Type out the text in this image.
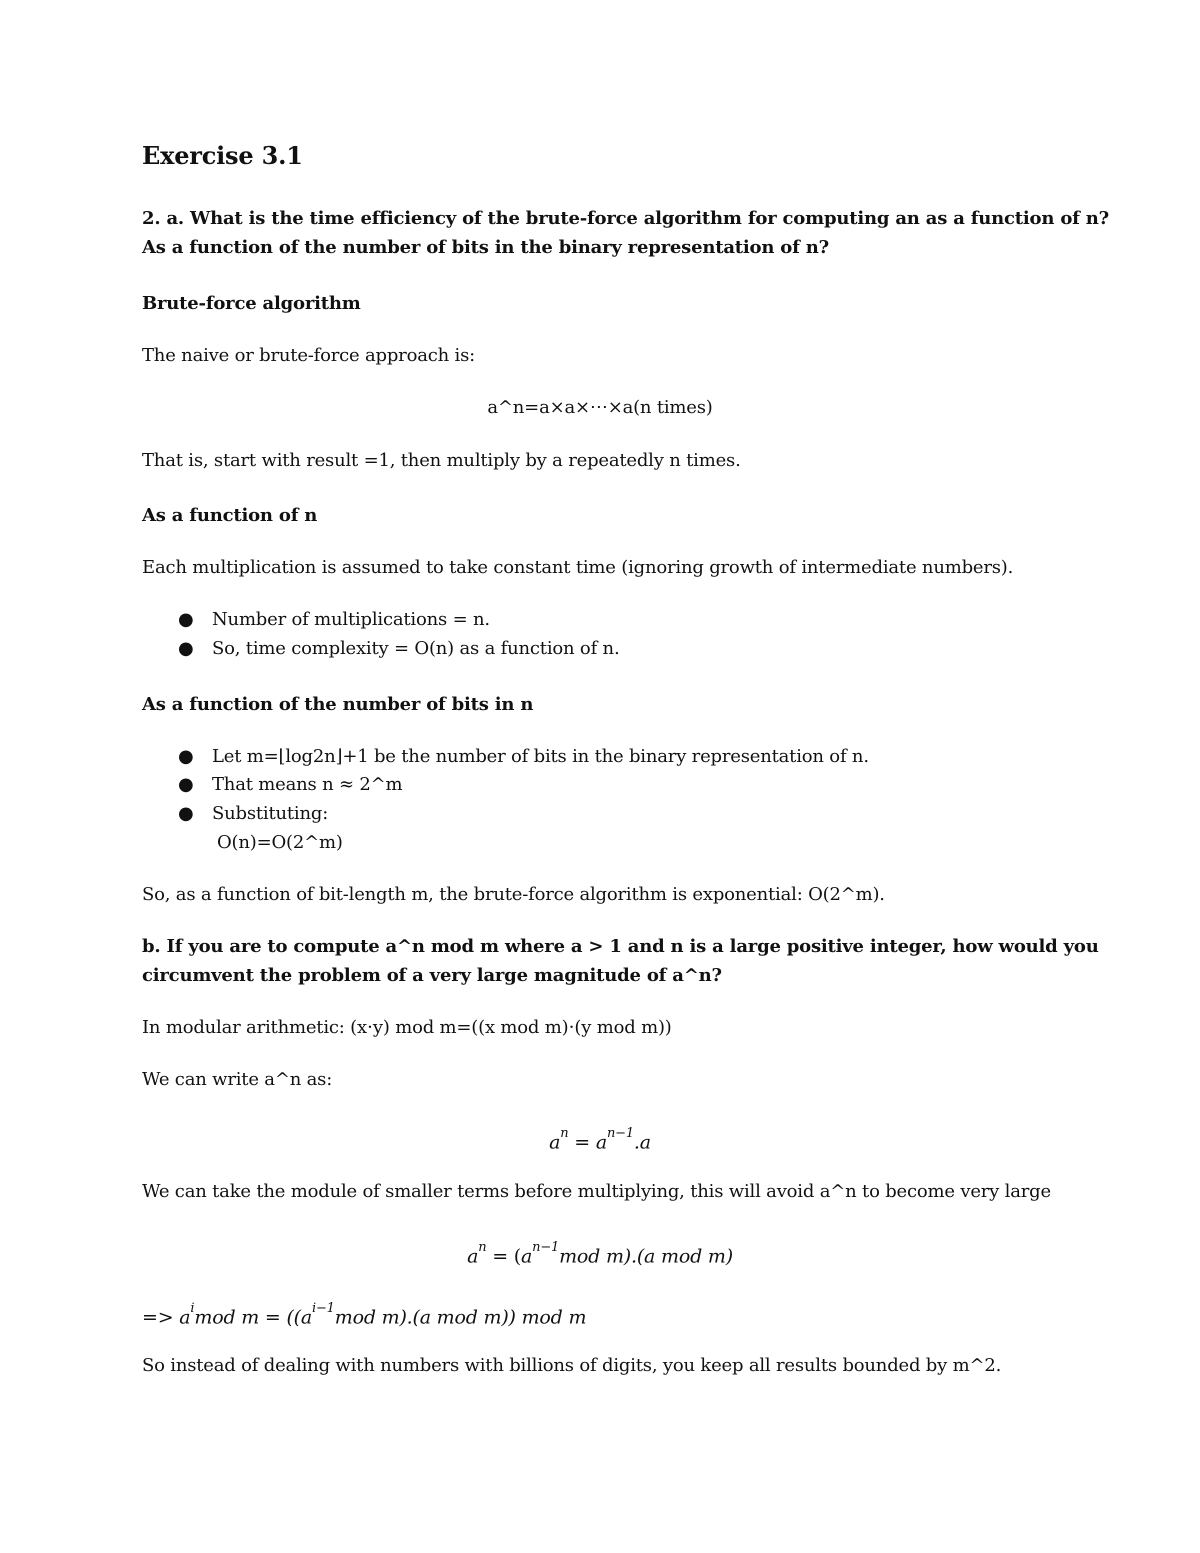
Exercise 3.1
2. a. What is the time efficiency of the brute-force algorithm for computing an as a function of n?
As a function of the number of bits in the binary representation of n?
Brute-force algorithm
The naive or brute-force approach is:
a^n=a×a×⋯×a(n times)
That is, start with result =1, then multiply by a repeatedly n times.
As a function of n
Each multiplication is assumed to take constant time (ignoring growth of intermediate numbers).
● Number of multiplications = n.
● So, time complexity = O(n) as a function of n.
As a function of the number of bits in n
● Let m=⌊log2n⌋+1 be the number of bits in the binary representation of n.
● That means n ≈ 2^m
● Substituting:
O(n)=O(2^m)
So, as a function of bit-length m, the brute-force algorithm is exponential: O(2^m).
b. If you are to compute a^n mod m where a > 1 and n is a large positive integer, how would you
circumvent the problem of a very large magnitude of a^n?
In modular arithmetic: (x⋅y) mod m=((x mod m)⋅(y mod m))
We can write a^n as:
$a^n = a^{n-1}.a$
We can take the module of smaller terms before multiplying, this will avoid a^n to become very large
$a^n = (a^{n-1}mod$ m).(a mod m)
=> $a^imod$ $m = ((a^{i-1}mod$ m).(a mod m)) mod m
So instead of dealing with numbers with billions of digits, you keep all results bounded by m^2.
